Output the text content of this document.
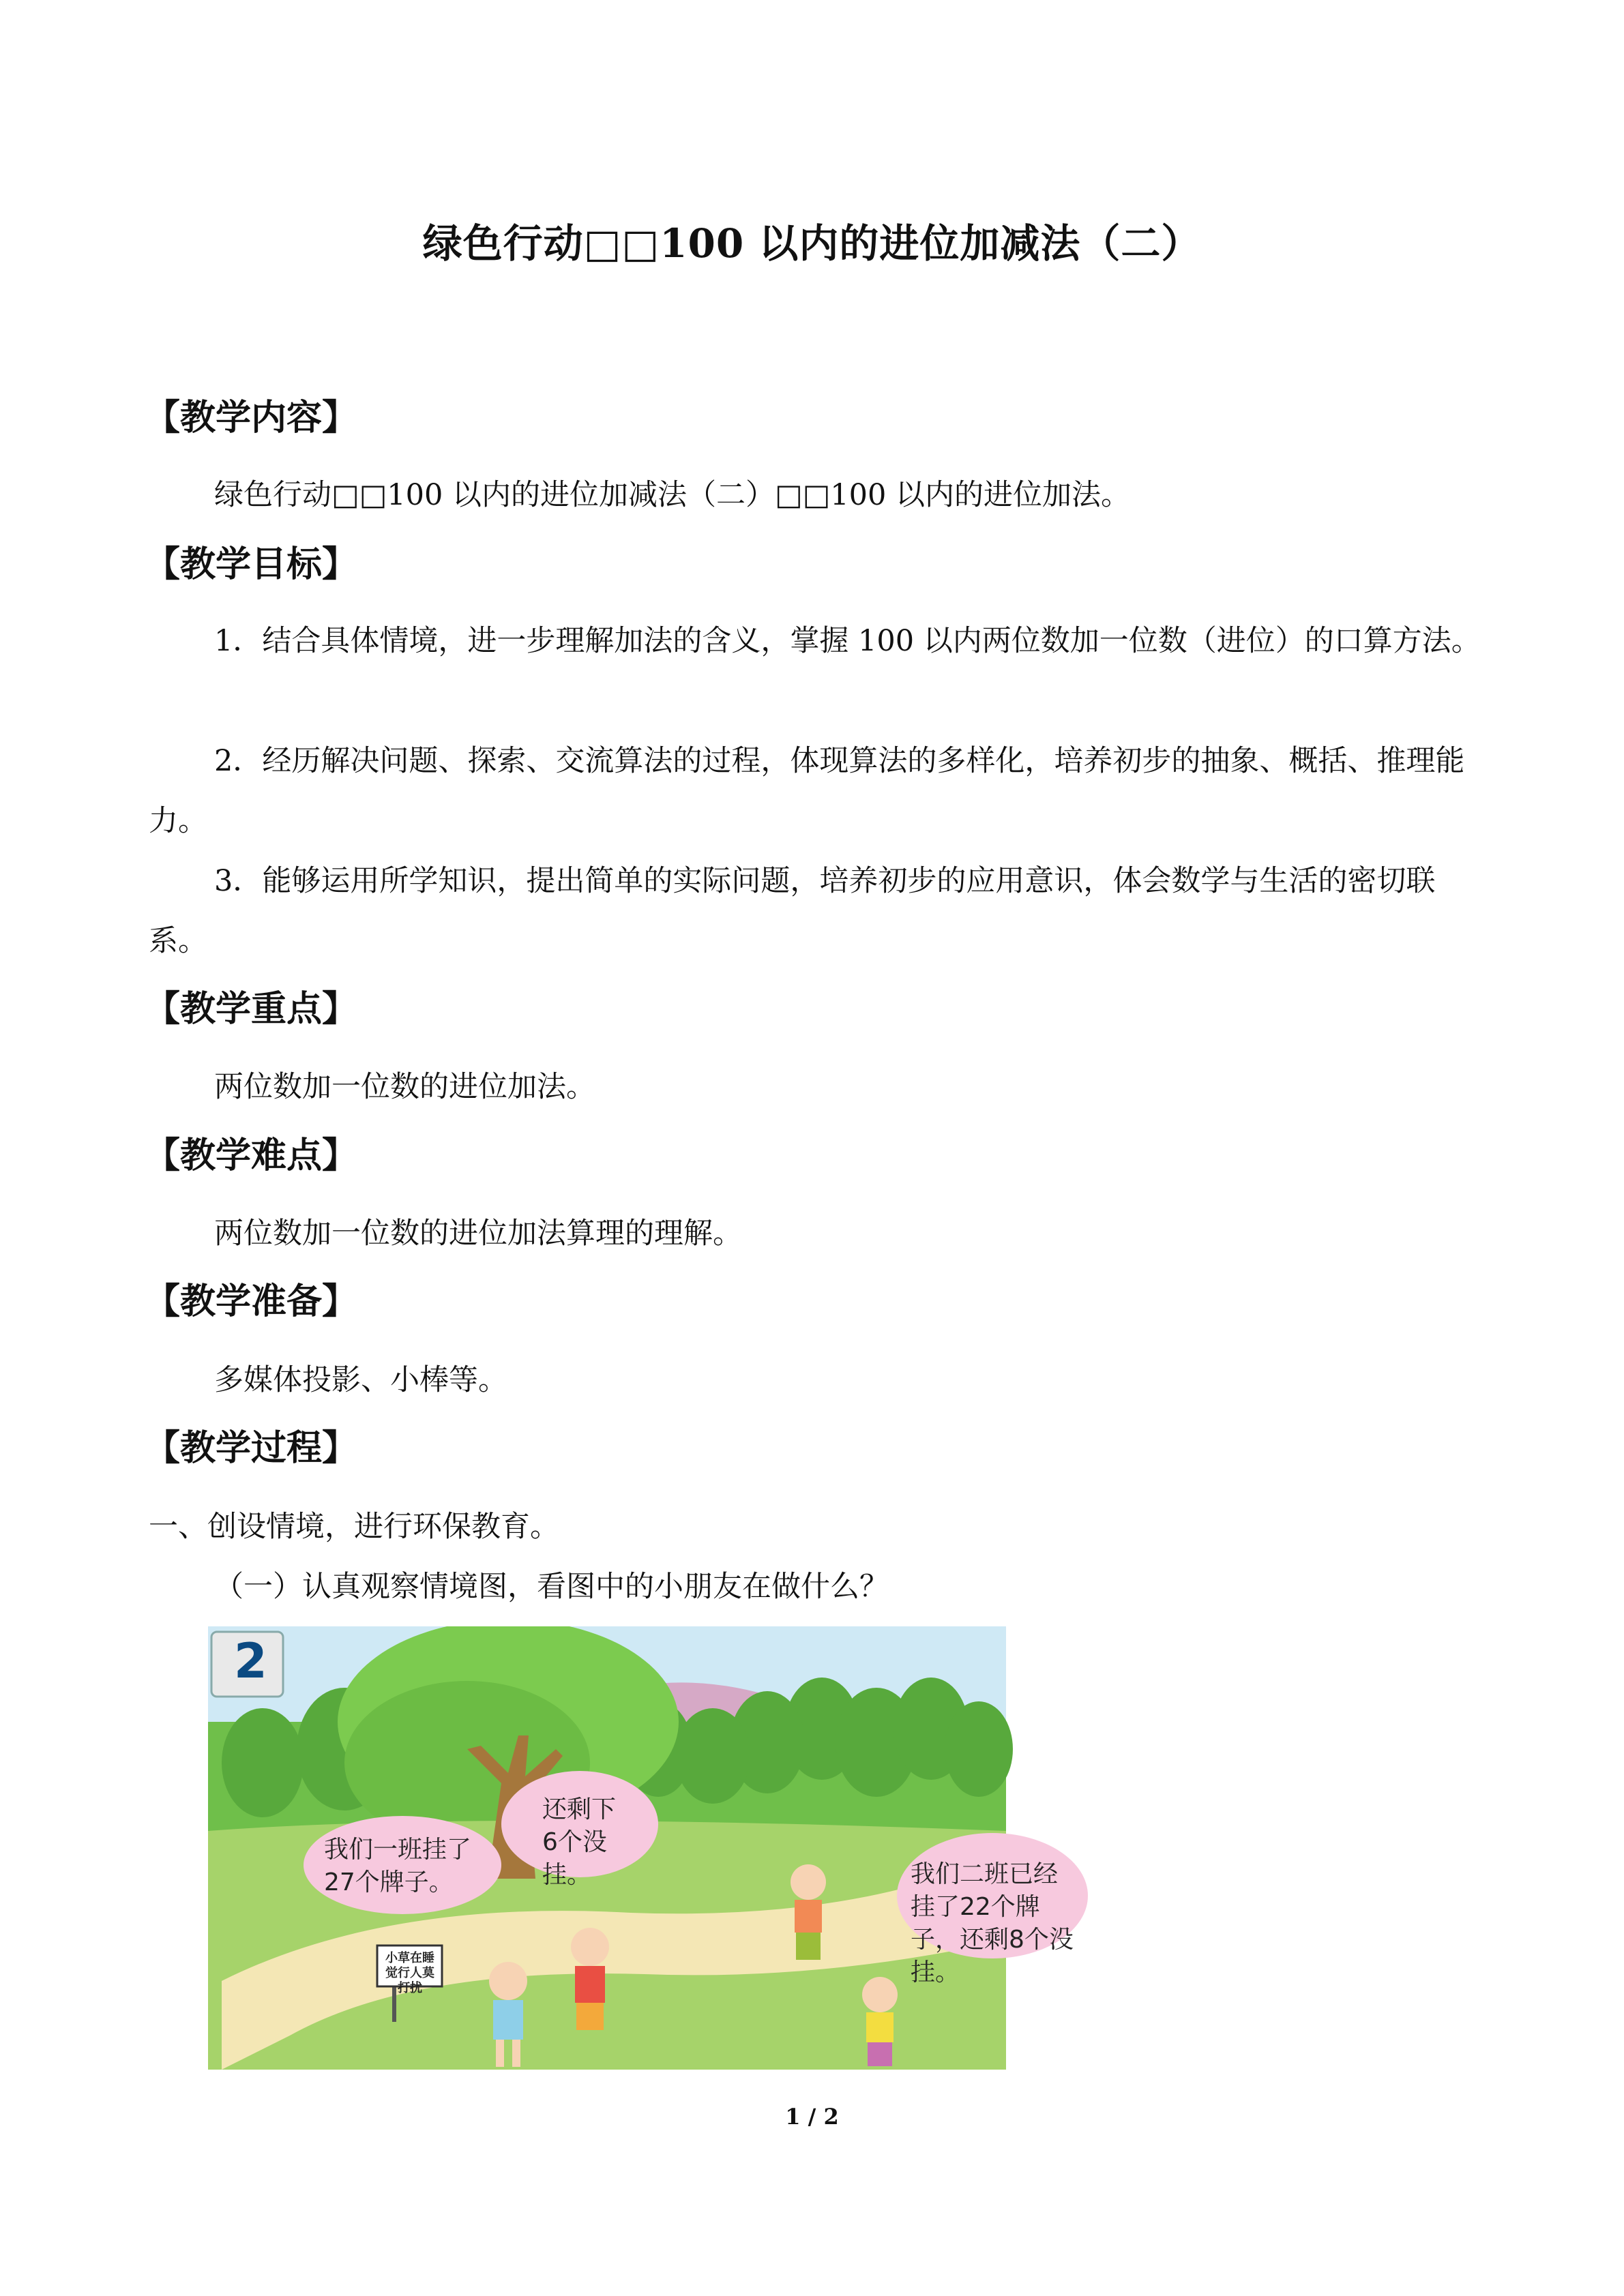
绿色行动□□100 以内的进位加减法（二）
【教学内容】
绿色行动□□100 以内的进位加减法（二）□□100 以内的进位加法。
【教学目标】
1．结合具体情境，进一步理解加法的含义，掌握 100 以内两位数加一位数（进位）的口算方法。
2．经历解决问题、探索、交流算法的过程，体现算法的多样化，培养初步的抽象、概括、推理能力。
3．能够运用所学知识，提出简单的实际问题，培养初步的应用意识，体会数学与生活的密切联系。
【教学重点】
两位数加一位数的进位加法。
【教学难点】
两位数加一位数的进位加法算理的理解。
【教学准备】
多媒体投影、小棒等。
【教学过程】
一、创设情境，进行环保教育。
（一）认真观察情境图，看图中的小朋友在做什么？
2
我们一班挂了27个牌子。
还剩下6个没挂。	我们二班已经挂了22个牌子，还剩8个没挂。
小草在睡觉行人莫打扰
1 / 2
